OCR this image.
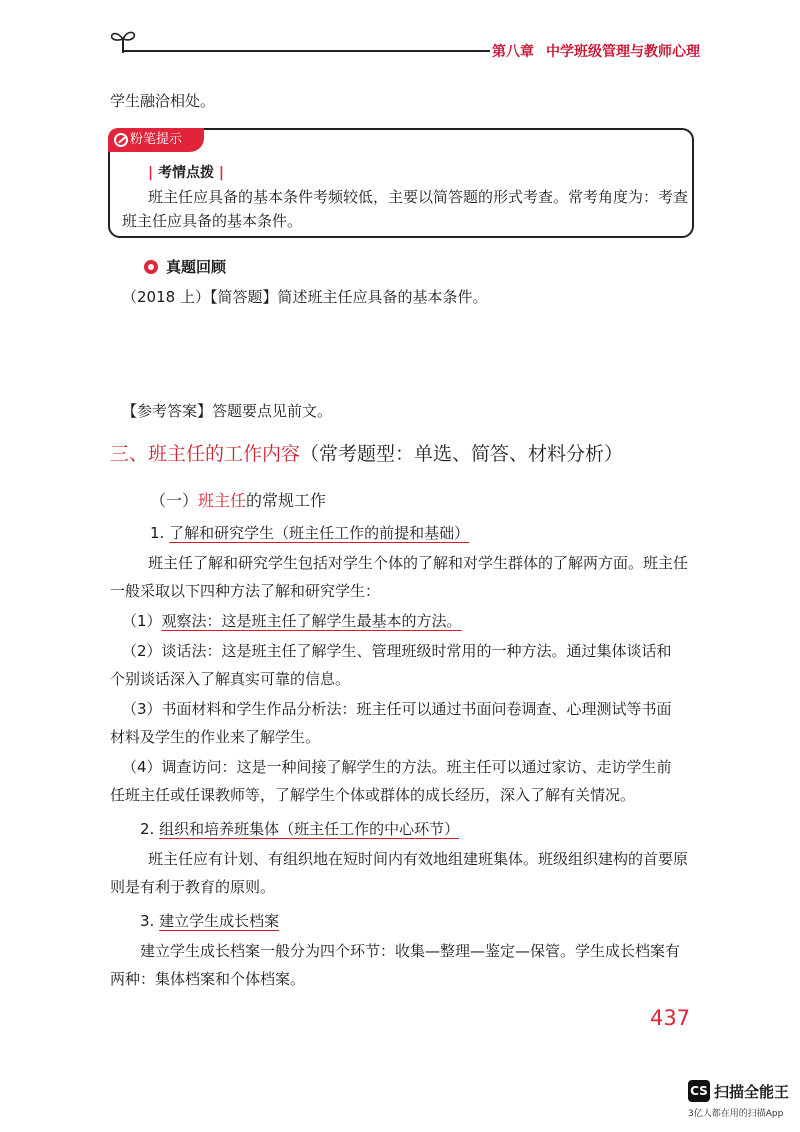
第八章 中学班级管理与教师心理
学生融洽相处。
粉笔提示
| 考情点拨 |
班主任应具备的基本条件考频较低，主要以简答题的形式考查。常考角度为：考查
班主任应具备的基本条件。
真题回顾
（2018 上）【简答题】简述班主任应具备的基本条件。
【参考答案】答题要点见前文。
三、班主任的工作内容（常考题型：单选、简答、材料分析）
（一）班主任的常规工作
1. 了解和研究学生（班主任工作的前提和基础）
班主任了解和研究学生包括对学生个体的了解和对学生群体的了解两方面。班主任
一般采取以下四种方法了解和研究学生：
（1）观察法：这是班主任了解学生最基本的方法。
（2）谈话法：这是班主任了解学生、管理班级时常用的一种方法。通过集体谈话和
个别谈话深入了解真实可靠的信息。
（3）书面材料和学生作品分析法：班主任可以通过书面问卷调查、心理测试等书面
材料及学生的作业来了解学生。
（4）调查访问：这是一种间接了解学生的方法。班主任可以通过家访、走访学生前
任班主任或任课教师等，了解学生个体或群体的成长经历，深入了解有关情况。
2. 组织和培养班集体（班主任工作的中心环节）
班主任应有计划、有组织地在短时间内有效地组建班集体。班级组织建构的首要原
则是有利于教育的原则。
3. 建立学生成长档案
建立学生成长档案一般分为四个环节：收集—整理—鉴定—保管。学生成长档案有
两种：集体档案和个体档案。
437
CS 扫描全能王
3亿人都在用的扫描App
